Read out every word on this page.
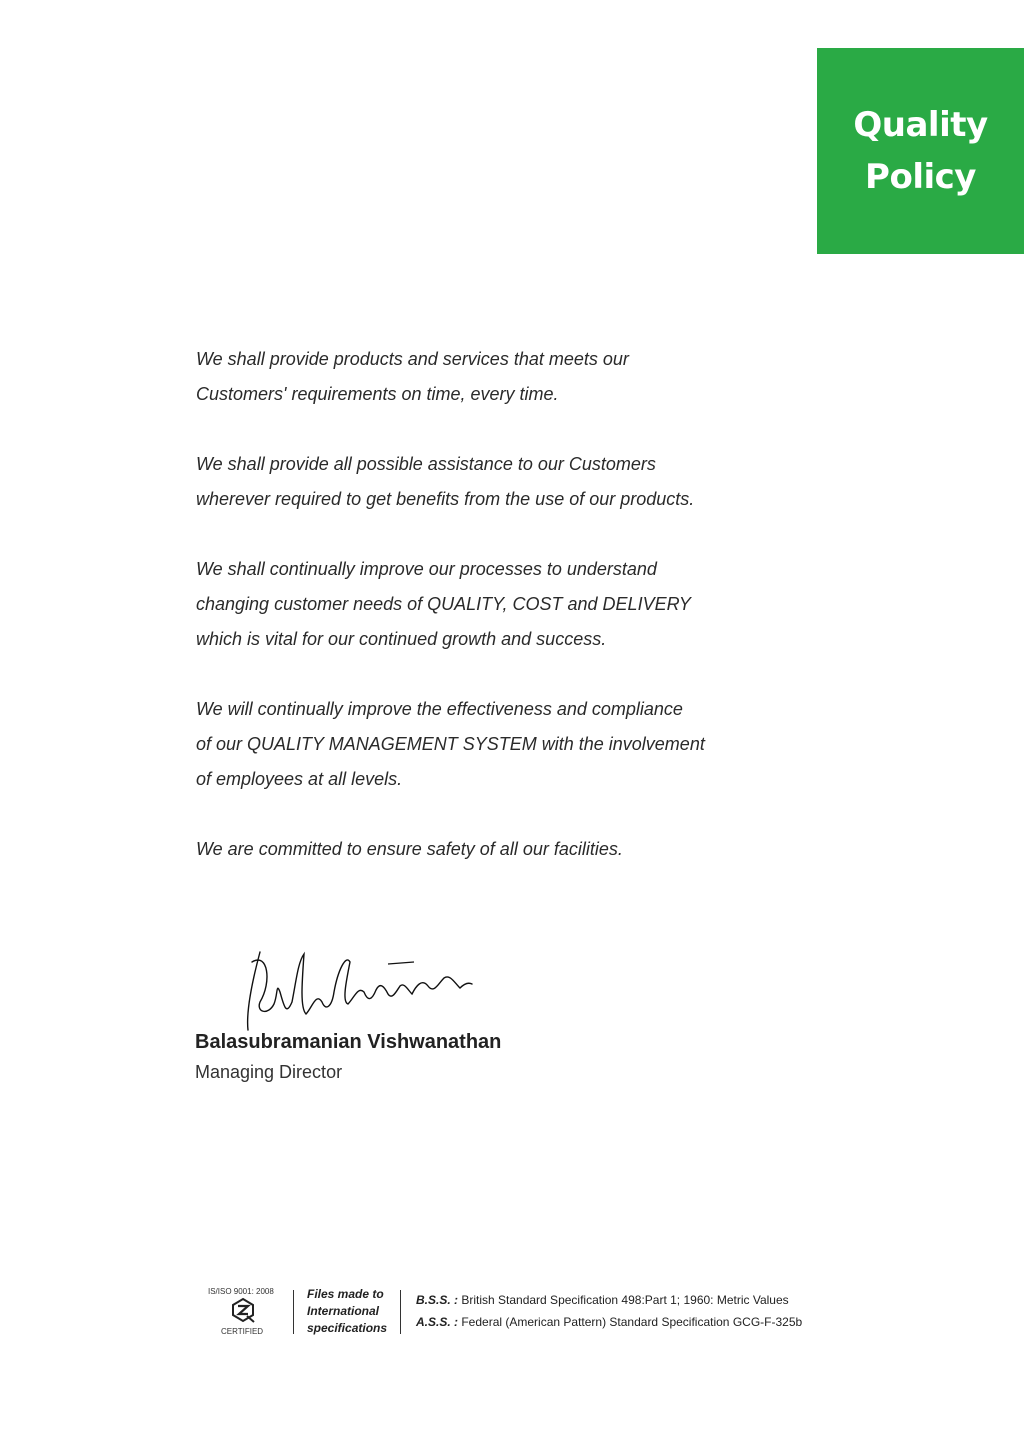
Quality
Policy

We shall provide products and services that meets our
Customers' requirements on time, every time.

We shall provide all possible assistance to our Customers
wherever required to get benefits from the use of our products.

We shall continually improve our processes to understand
changing customer needs of QUALITY, COST and DELIVERY
which is vital for our continued growth and success.

We will continually improve the effectiveness and compliance
of our QUALITY MANAGEMENT SYSTEM with the involvement
of employees at all levels.

We are committed to ensure safety of all our facilities.

Balasubramanian Vishwanathan
Managing Director
IS/ISO 9001: 2008
CERTIFIED
Files made to
International
specifications
B.S.S. : British Standard Specification 498:Part 1; 1960: Metric Values
A.S.S. : Federal (American Pattern) Standard Specification GCG-F-325b
